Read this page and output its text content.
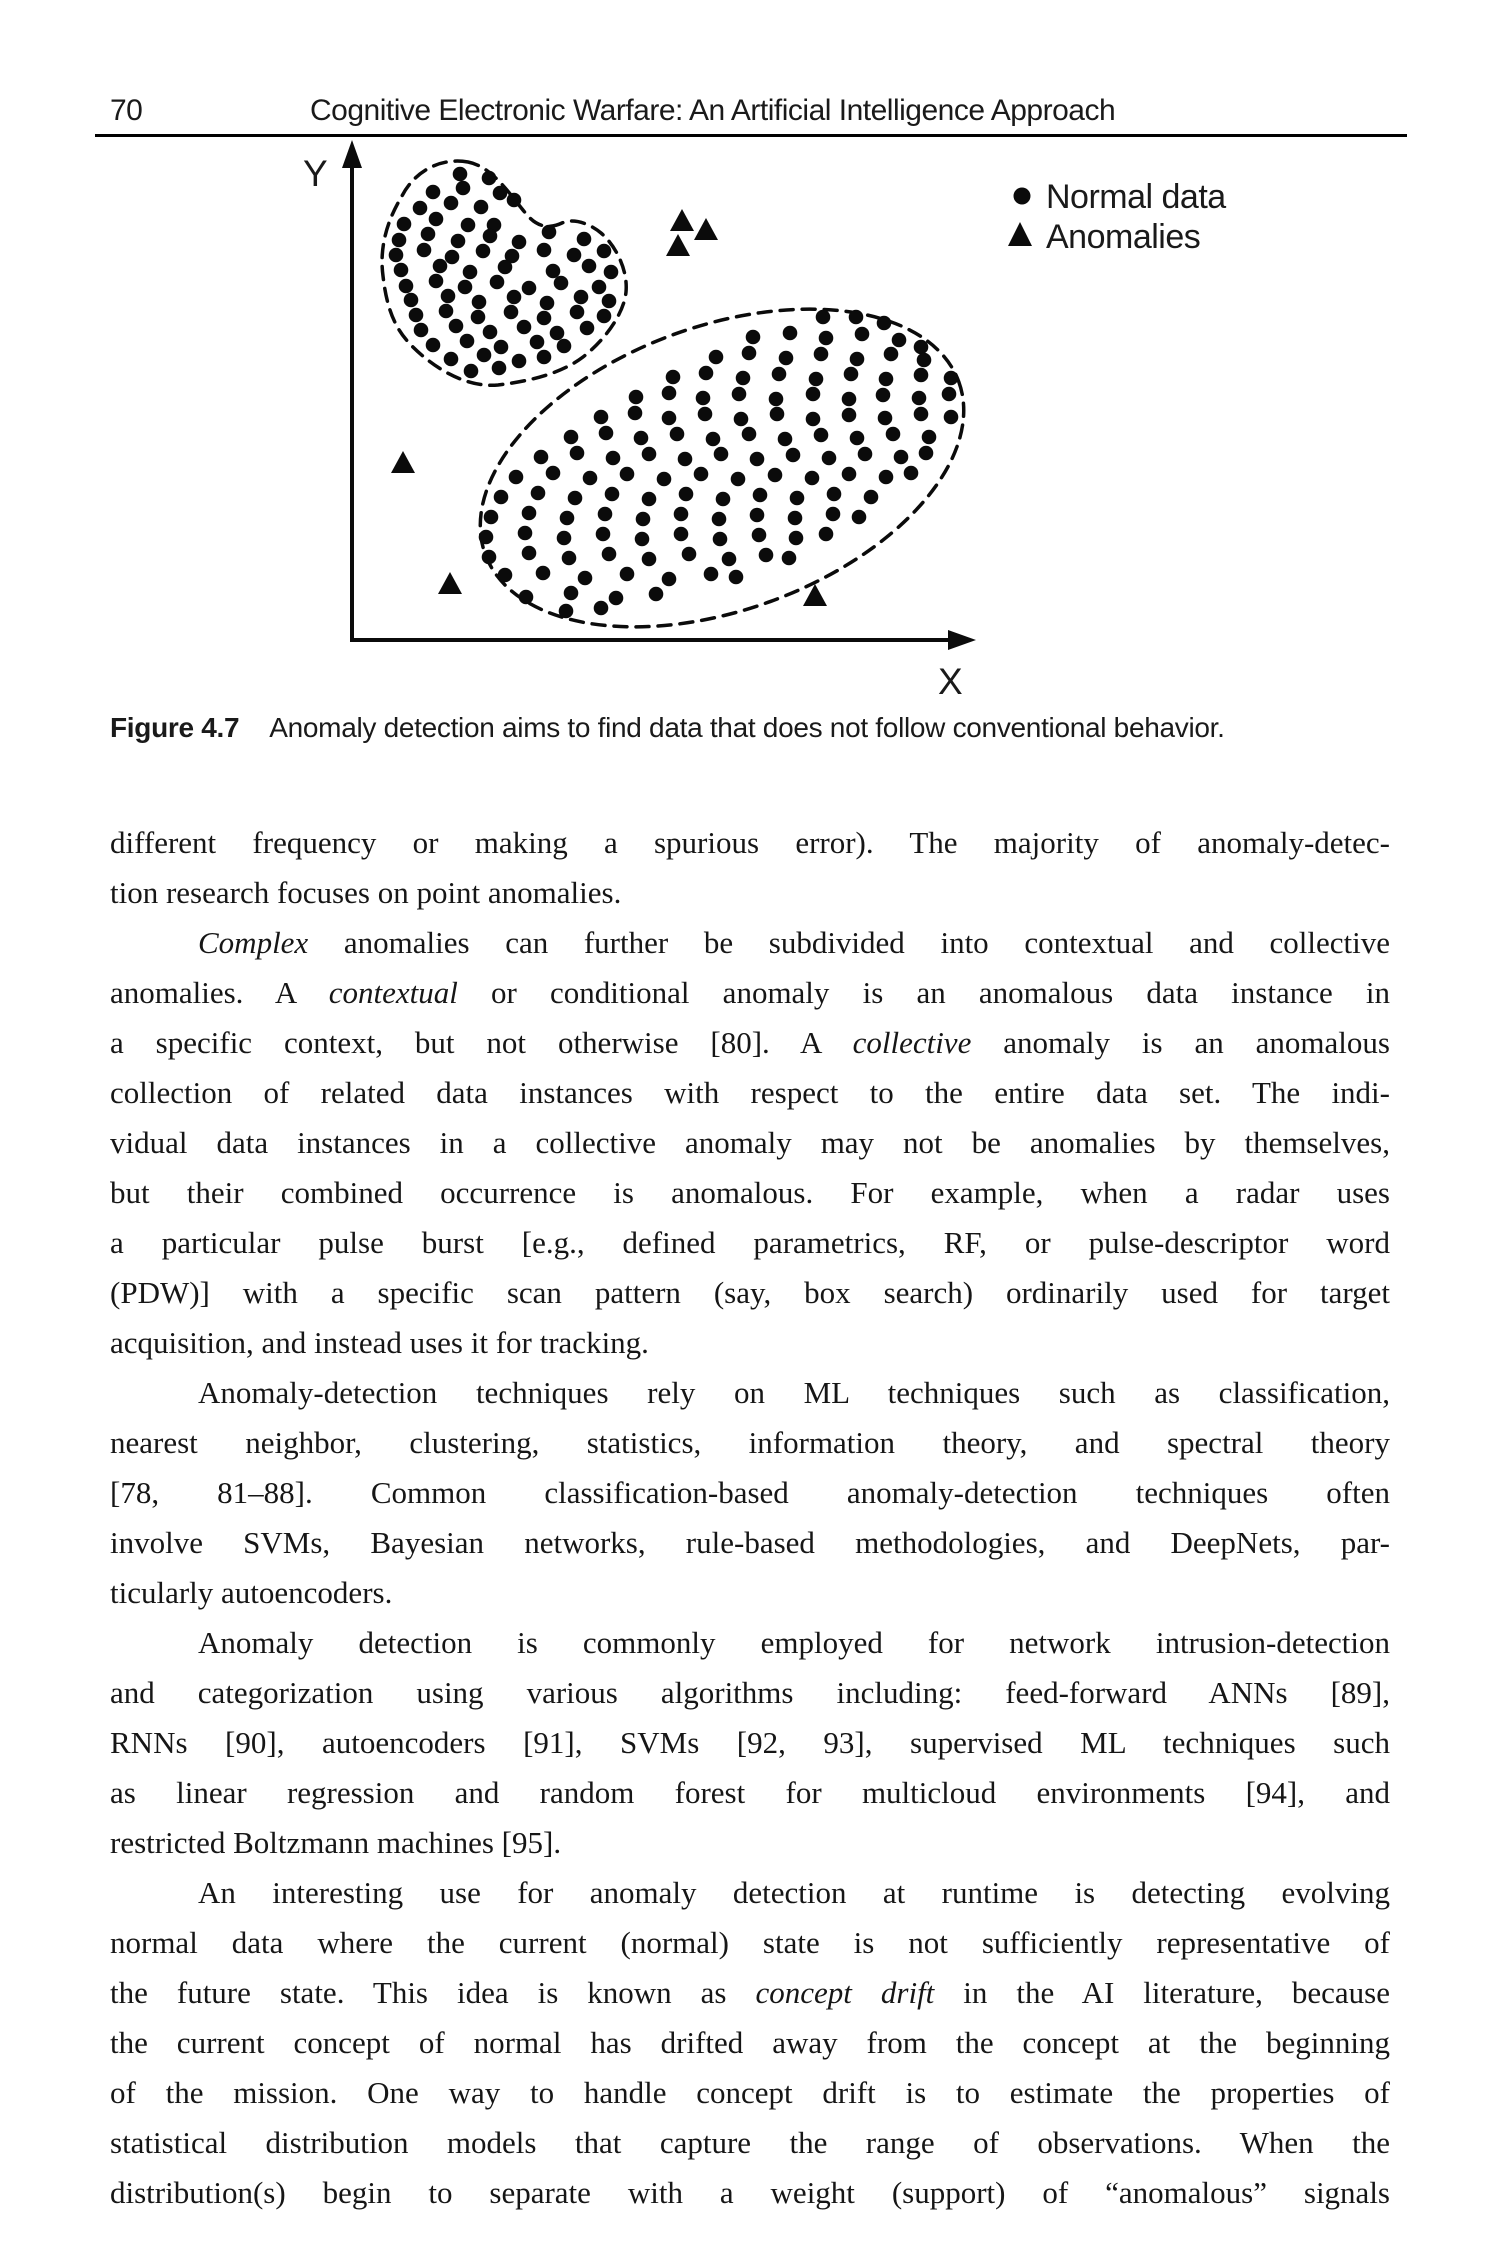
70	Cognitive Electronic Warfare: An Artificial Intelligence Approach
Y
X
Normal data
Anomalies
Figure 4.7 Anomaly detection aims to find data that does not follow conventional behavior.
different frequency or making a spurious error). The majority of anomaly-detec-
tion research focuses on point anomalies.
Complex anomalies can further be subdivided into contextual and collective
anomalies. A contextual or conditional anomaly is an anomalous data instance in
a specific context, but not otherwise [80]. A collective anomaly is an anomalous
collection of related data instances with respect to the entire data set. The indi-
vidual data instances in a collective anomaly may not be anomalies by themselves,
but their combined occurrence is anomalous. For example, when a radar uses
a particular pulse burst [e.g., defined parametrics, RF, or pulse-descriptor word
(PDW)] with a specific scan pattern (say, box search) ordinarily used for target
acquisition, and instead uses it for tracking.
Anomaly-detection techniques rely on ML techniques such as classification,
nearest neighbor, clustering, statistics, information theory, and spectral theory
[78, 81–88]. Common classification-based anomaly-detection techniques often
involve SVMs, Bayesian networks, rule-based methodologies, and DeepNets, par-
ticularly autoencoders.
Anomaly detection is commonly employed for network intrusion-detection
and categorization using various algorithms including: feed-forward ANNs [89],
RNNs [90], autoencoders [91], SVMs [92, 93], supervised ML techniques such
as linear regression and random forest for multicloud environments [94], and
restricted Boltzmann machines [95].
An interesting use for anomaly detection at runtime is detecting evolving
normal data where the current (normal) state is not sufficiently representative of
the future state. This idea is known as concept drift in the AI literature, because
the current concept of normal has drifted away from the concept at the beginning
of the mission. One way to handle concept drift is to estimate the properties of
statistical distribution models that capture the range of observations. When the
distribution(s) begin to separate with a weight (support) of “anomalous” signals
